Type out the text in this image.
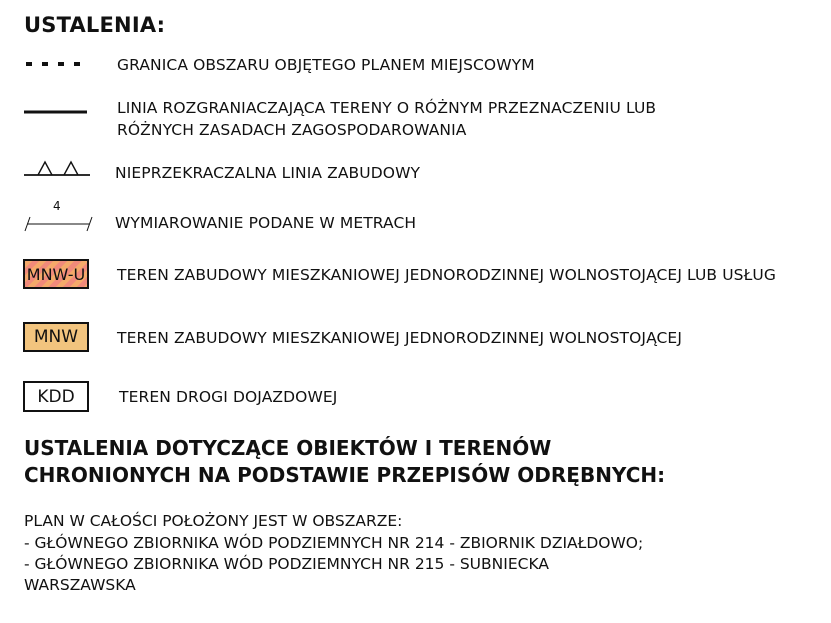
USTALENIA:
GRANICA OBSZARU OBJĘTEGO PLANEM MIEJSCOWYM
LINIA ROZGRANIACZAJĄCA TERENY O RÓŻNYM PRZEZNACZENIU LUB
RÓŻNYCH ZASADACH ZAGOSPODAROWANIA
NIEPRZEKRACZALNA LINIA ZABUDOWY
4
WYMIAROWANIE PODANE W METRACH
MNW-U TEREN ZABUDOWY MIESZKANIOWEJ JEDNORODZINNEJ WOLNOSTOJĄCEJ LUB USŁUG
MNW	TEREN ZABUDOWY MIESZKANIOWEJ JEDNORODZINNEJ WOLNOSTOJĄCEJ
KDD	TEREN DROGI DOJAZDOWEJ
USTALENIA DOTYCZĄCE OBIEKTÓW I TERENÓW
CHRONIONYCH NA PODSTAWIE PRZEPISÓW ODRĘBNYCH:
PLAN W CAŁOŚCI POŁOŻONY JEST W OBSZARZE:
- GŁÓWNEGO ZBIORNIKA WÓD PODZIEMNYCH NR 214 - ZBIORNIK DZIAŁDOWO;
- GŁÓWNEGO ZBIORNIKA WÓD PODZIEMNYCH NR 215 - SUBNIECKA
WARSZAWSKA
